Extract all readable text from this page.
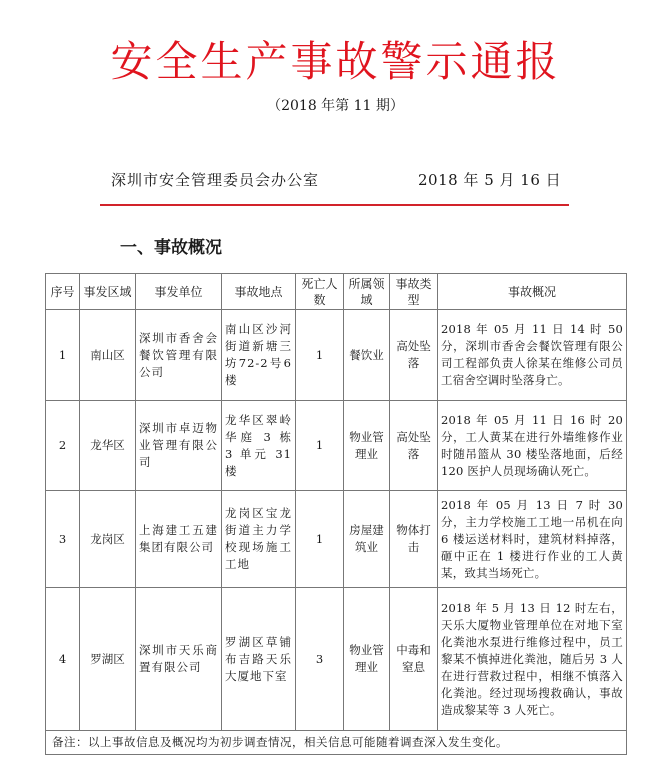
安全生产事故警示通报
（2018 年第 11 期）
深圳市安全管理委员会办公室	2018 年 5 月 16 日
一、事故概况
序号	事发区域	事发单位	事故地点	死亡人数	所属领域	事故类型	事故概况
1	南山区	深圳市香舍会餐饮管理有限公司	南山区沙河街道新塘三坊72-2号6楼	1	餐饮业	高处坠落	2018 年 05 月 11 日 14 时 50 分，深圳市香舍会餐饮管理有限公司工程部负责人徐某在维修公司员工宿舍空调时坠落身亡。
2	龙华区	深圳市卓迈物业管理有限公司	龙华区翠岭华庭 3 栋 3 单元 31 楼	1	物业管理业	高处坠落	2018 年 05 月 11 日 16 时 20 分，工人黄某在进行外墙维修作业时随吊篮从 30 楼坠落地面，后经 120 医护人员现场确认死亡。
3	龙岗区	上海建工五建集团有限公司	龙岗区宝龙街道主力学校现场施工工地	1	房屋建筑业	物体打击	2018 年 05 月 13 日 7 时 30 分，主力学校施工工地一吊机在向 6 楼运送材料时，建筑材料掉落，砸中正在 1 楼进行作业的工人黄某，致其当场死亡。
4	罗湖区	深圳市天乐商置有限公司	罗湖区草铺布吉路天乐大厦地下室	3	物业管理业	中毒和窒息	2018 年 5 月 13 日 12 时左右，天乐大厦物业管理单位在对地下室化粪池水泵进行维修过程中，员工黎某不慎掉进化粪池，随后另 3 人在进行营救过程中，相继不慎落入化粪池。经过现场搜救确认，事故造成黎某等 3 人死亡。
备注：以上事故信息及概况均为初步调查情况，相关信息可能随着调查深入发生变化。							
